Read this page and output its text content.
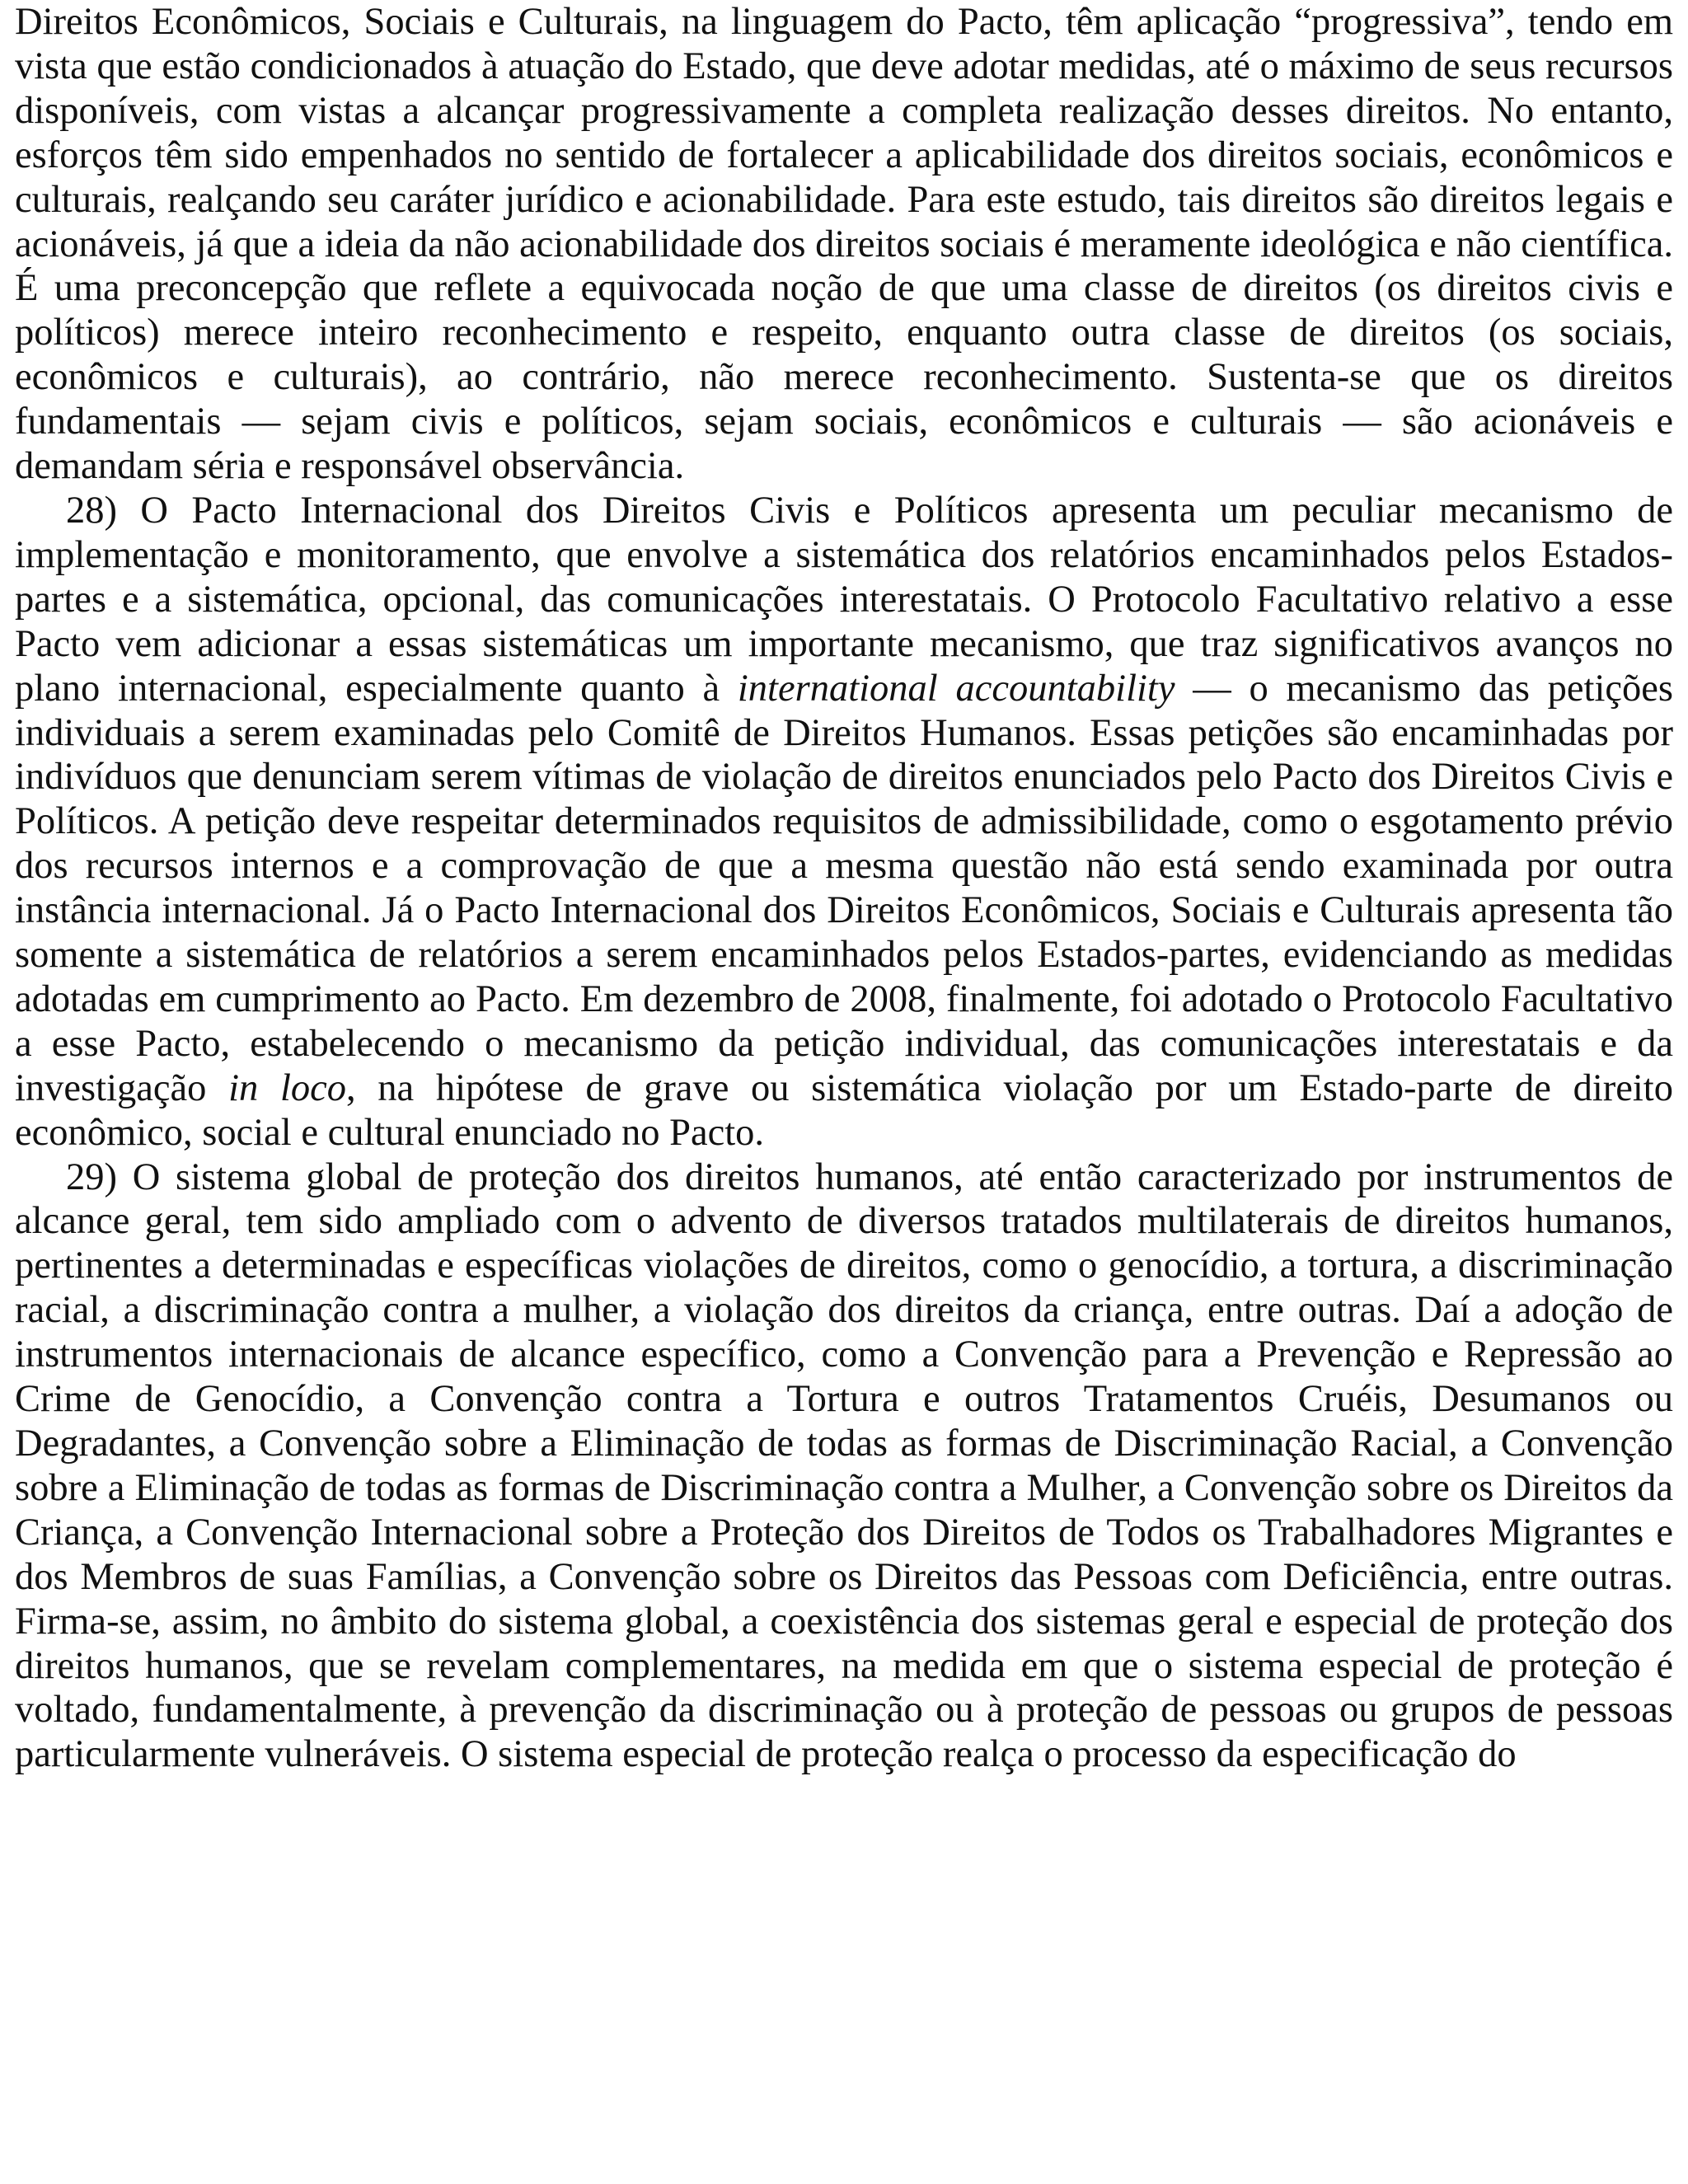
Direitos Econômicos, Sociais e Culturais, na linguagem do Pacto, têm aplicação “progressiva”, tendo em vista que estão condicionados à atuação do Estado, que deve adotar medidas, até o máximo de seus recursos disponíveis, com vistas a alcançar progressivamente a completa realização desses direitos. No entanto, esforços têm sido empenhados no sentido de fortalecer a aplicabilidade dos direitos sociais, econômicos e culturais, realçando seu caráter jurídico e acionabilidade. Para este estudo, tais direitos são direitos legais e acionáveis, já que a ideia da não acionabilidade dos direitos sociais é meramente ideológica e não científica. É uma preconcepção que reflete a equivocada noção de que uma classe de direitos (os direitos civis e políticos) merece inteiro reconhecimento e respeito, enquanto outra classe de direitos (os sociais, econômicos e culturais), ao contrário, não merece reconhecimento. Sustenta-se que os direitos fundamentais — sejam civis e políticos, sejam sociais, econômicos e culturais — são acionáveis e demandam séria e responsável observância.

28) O Pacto Internacional dos Direitos Civis e Políticos apresenta um peculiar mecanismo de implementação e monitoramento, que envolve a sistemática dos relatórios encaminhados pelos Estados-partes e a sistemática, opcional, das comunicações interestatais. O Protocolo Facultativo relativo a esse Pacto vem adicionar a essas sistemáticas um importante mecanismo, que traz significativos avanços no plano internacional, especialmente quanto à international accountability — o mecanismo das petições individuais a serem examinadas pelo Comitê de Direitos Humanos. Essas petições são encaminhadas por indivíduos que denunciam serem vítimas de violação de direitos enunciados pelo Pacto dos Direitos Civis e Políticos. A petição deve respeitar determinados requisitos de admissibilidade, como o esgotamento prévio dos recursos internos e a comprovação de que a mesma questão não está sendo examinada por outra instância internacional. Já o Pacto Internacional dos Direitos Econômicos, Sociais e Culturais apresenta tão somente a sistemática de relatórios a serem encaminhados pelos Estados-partes, evidenciando as medidas adotadas em cumprimento ao Pacto. Em dezembro de 2008, finalmente, foi adotado o Protocolo Facultativo a esse Pacto, estabelecendo o mecanismo da petição individual, das comunicações interestatais e da investigação in loco, na hipótese de grave ou sistemática violação por um Estado-parte de direito econômico, social e cultural enunciado no Pacto.

29) O sistema global de proteção dos direitos humanos, até então caracterizado por instrumentos de alcance geral, tem sido ampliado com o advento de diversos tratados multilaterais de direitos humanos, pertinentes a determinadas e específicas violações de direitos, como o genocídio, a tortura, a discriminação racial, a discriminação contra a mulher, a violação dos direitos da criança, entre outras. Daí a adoção de instrumentos internacionais de alcance específico, como a Convenção para a Prevenção e Repressão ao Crime de Genocídio, a Convenção contra a Tortura e outros Tratamentos Cruéis, Desumanos ou Degradantes, a Convenção sobre a Eliminação de todas as formas de Discriminação Racial, a Convenção sobre a Eliminação de todas as formas de Discriminação contra a Mulher, a Convenção sobre os Direitos da Criança, a Convenção Internacional sobre a Proteção dos Direitos de Todos os Trabalhadores Migrantes e dos Membros de suas Famílias, a Convenção sobre os Direitos das Pessoas com Deficiência, entre outras. Firma-se, assim, no âmbito do sistema global, a coexistência dos sistemas geral e especial de proteção dos direitos humanos, que se revelam complementares, na medida em que o sistema especial de proteção é voltado, fundamentalmente, à prevenção da discriminação ou à proteção de pessoas ou grupos de pessoas particularmente vulneráveis. O sistema especial de proteção realça o processo da especificação do
